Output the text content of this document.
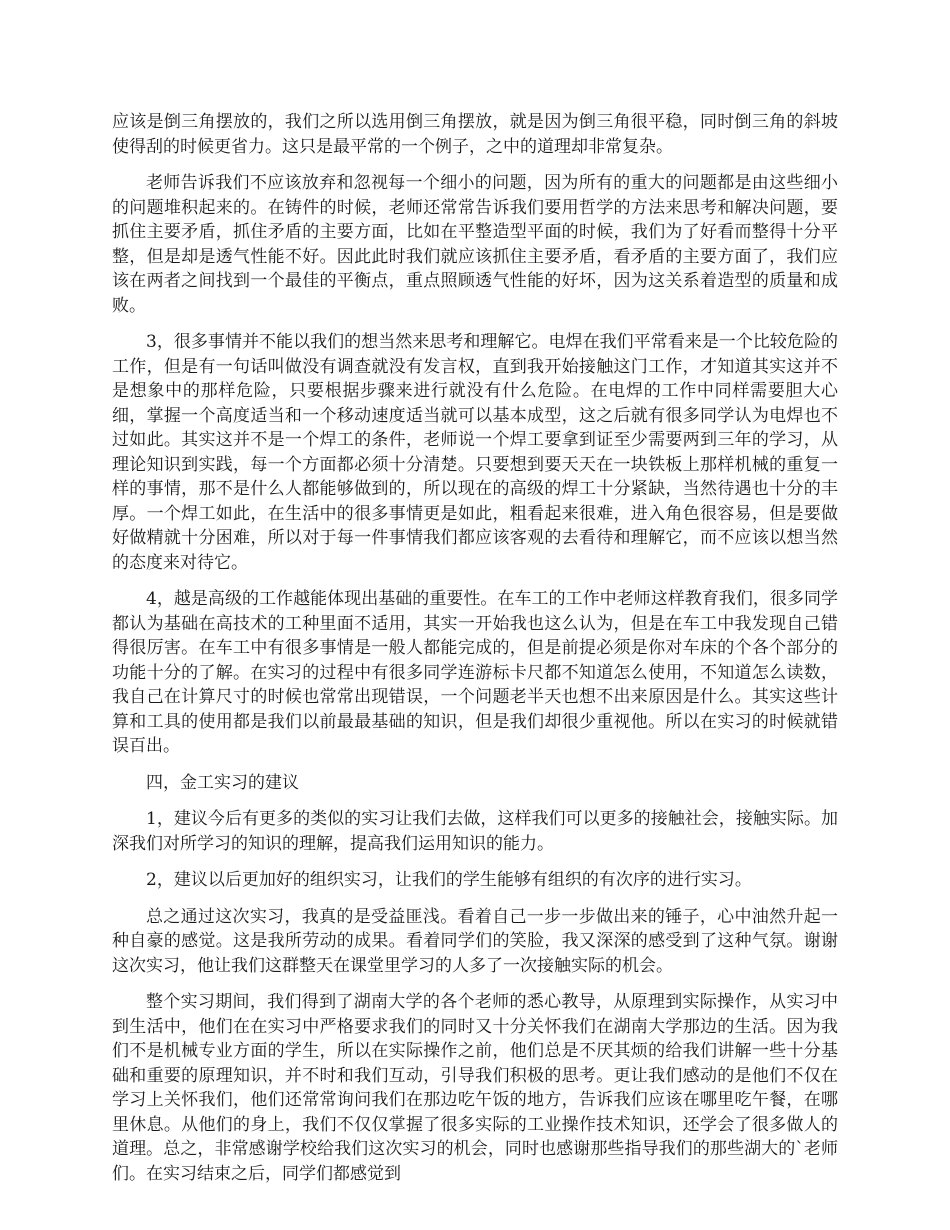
应该是倒三角摆放的，我们之所以选用倒三角摆放，就是因为倒三角很平稳，同时倒三角的斜坡使得刮的时候更省力。这只是最平常的一个例子，之中的道理却非常复杂。

老师告诉我们不应该放弃和忽视每一个细小的问题，因为所有的重大的问题都是由这些细小的问题堆积起来的。在铸件的时候，老师还常常告诉我们要用哲学的方法来思考和解决问题，要抓住主要矛盾，抓住矛盾的主要方面，比如在平整造型平面的时候，我们为了好看而整得十分平整，但是却是透气性能不好。因此此时我们就应该抓住主要矛盾，看矛盾的主要方面了，我们应该在两者之间找到一个最佳的平衡点，重点照顾透气性能的好坏，因为这关系着造型的质量和成败。

3，很多事情并不能以我们的想当然来思考和理解它。电焊在我们平常看来是一个比较危险的工作，但是有一句话叫做没有调查就没有发言权，直到我开始接触这门工作，才知道其实这并不是想象中的那样危险，只要根据步骤来进行就没有什么危险。在电焊的工作中同样需要胆大心细，掌握一个高度适当和一个移动速度适当就可以基本成型，这之后就有很多同学认为电焊也不过如此。其实这并不是一个焊工的条件，老师说一个焊工要拿到证至少需要两到三年的学习，从理论知识到实践，每一个方面都必须十分清楚。只要想到要天天在一块铁板上那样机械的重复一样的事情，那不是什么人都能够做到的，所以现在的高级的焊工十分紧缺，当然待遇也十分的丰厚。一个焊工如此，在生活中的很多事情更是如此，粗看起来很难，进入角色很容易，但是要做好做精就十分困难，所以对于每一件事情我们都应该客观的去看待和理解它，而不应该以想当然的态度来对待它。

4，越是高级的工作越能体现出基础的重要性。在车工的工作中老师这样教育我们，很多同学都认为基础在高技术的工种里面不适用，其实一开始我也这么认为，但是在车工中我发现自己错得很厉害。在车工中有很多事情是一般人都能完成的，但是前提必须是你对车床的个各个部分的功能十分的了解。在实习的过程中有很多同学连游标卡尺都不知道怎么使用，不知道怎么读数，我自己在计算尺寸的时候也常常出现错误，一个问题老半天也想不出来原因是什么。其实这些计算和工具的使用都是我们以前最最基础的知识，但是我们却很少重视他。所以在实习的时候就错误百出。

四，金工实习的建议

1，建议今后有更多的类似的实习让我们去做，这样我们可以更多的接触社会，接触实际。加深我们对所学习的知识的理解，提高我们运用知识的能力。

2，建议以后更加好的组织实习，让我们的学生能够有组织的有次序的进行实习。

总之通过这次实习，我真的是受益匪浅。看着自己一步一步做出来的锤子，心中油然升起一种自豪的感觉。这是我所劳动的成果。看着同学们的笑脸，我又深深的感受到了这种气氛。谢谢这次实习，他让我们这群整天在课堂里学习的人多了一次接触实际的机会。

整个实习期间，我们得到了湖南大学的各个老师的悉心教导，从原理到实际操作，从实习中到生活中，他们在在实习中严格要求我们的同时又十分关怀我们在湖南大学那边的生活。因为我们不是机械专业方面的学生，所以在实际操作之前，他们总是不厌其烦的给我们讲解一些十分基础和重要的原理知识，并不时和我们互动，引导我们积极的思考。更让我们感动的是他们不仅在学习上关怀我们，他们还常常询问我们在那边吃午饭的地方，告诉我们应该在哪里吃午餐，在哪里休息。从他们的身上，我们不仅仅掌握了很多实际的工业操作技术知识，还学会了很多做人的道理。总之，非常感谢学校给我们这次实习的机会，同时也感谢那些指导我们的那些湖大的`老师们。在实习结束之后，同学们都感觉到
